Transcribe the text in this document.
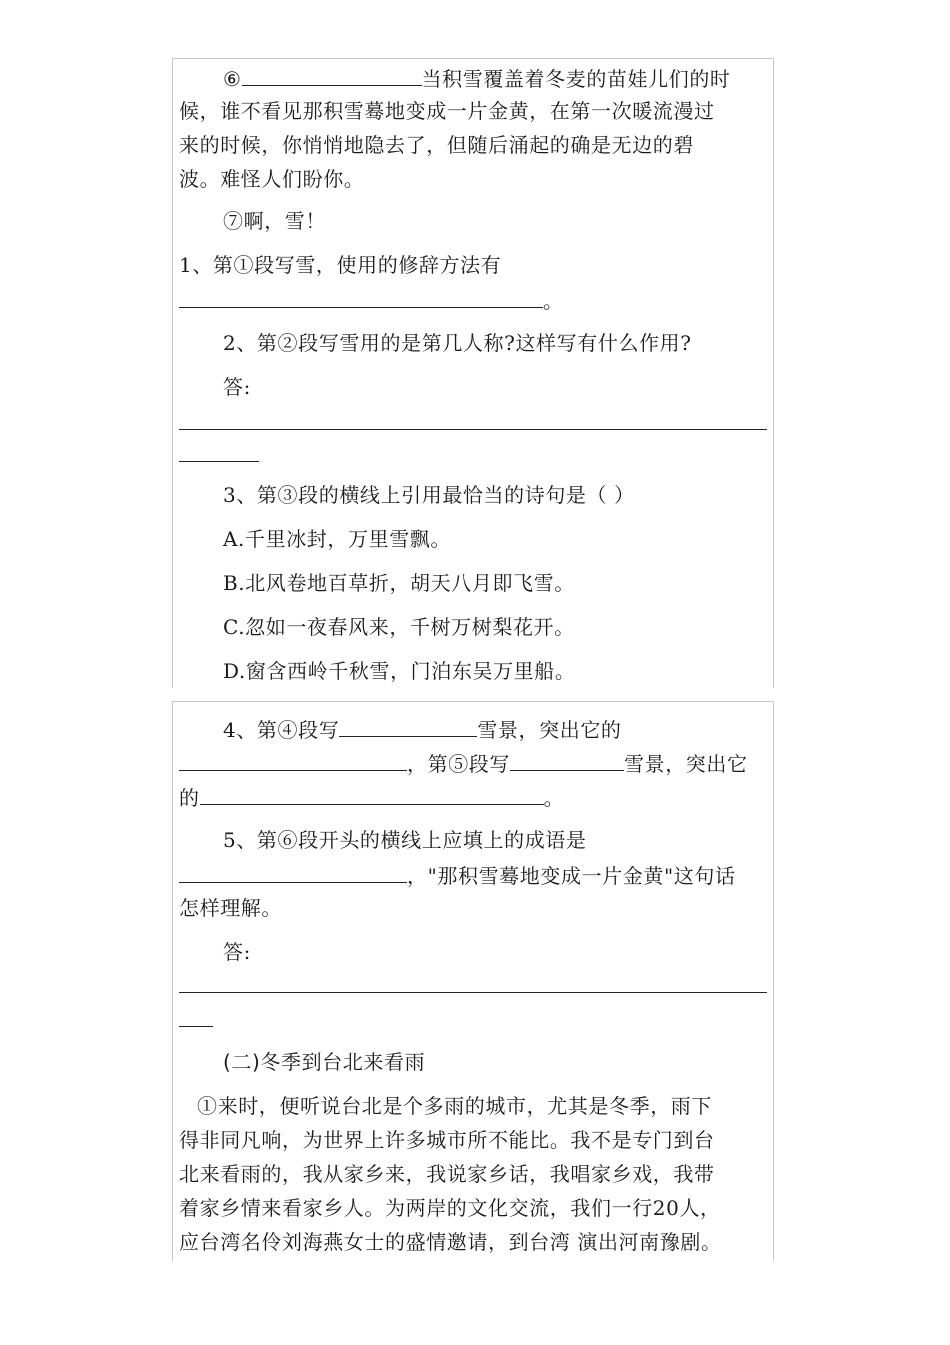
⑥	当积雪覆盖着冬麦的苗娃儿们的时
候，谁不看见那积雪蓦地变成一片金黄，在第一次暖流漫过
来的时候，你悄悄地隐去了，但随后涌起的确是无边的碧
波。难怪人们盼你。
⑦啊，雪！
1、第①段写雪，使用的修辞方法有
。
2、第②段写雪用的是第几人称?这样写有什么作用?
答:
3、第③段的横线上引用最恰当的诗句是（ ）
A.千里冰封，万里雪飘。
B.北风卷地百草折，胡天八月即飞雪。
C.忽如一夜春风来，千树万树梨花开。
D.窗含西岭千秋雪，门泊东吴万里船。
4、第④段写	雪景，突出它的
，第⑤段写	雪景，突出它
的	。
5、第⑥段开头的横线上应填上的成语是
，"那积雪蓦地变成一片金黄"这句话
怎样理解。
答:
(二)冬季到台北来看雨
①来时，便听说台北是个多雨的城市，尤其是冬季，雨下
得非同凡响，为世界上许多城市所不能比。我不是专门到台
北来看雨的，我从家乡来，我说家乡话，我唱家乡戏，我带
着家乡情来看家乡人。为两岸的文化交流，我们一行20人，
应台湾名伶刘海燕女士的盛情邀请，到台湾 演出河南豫剧。
